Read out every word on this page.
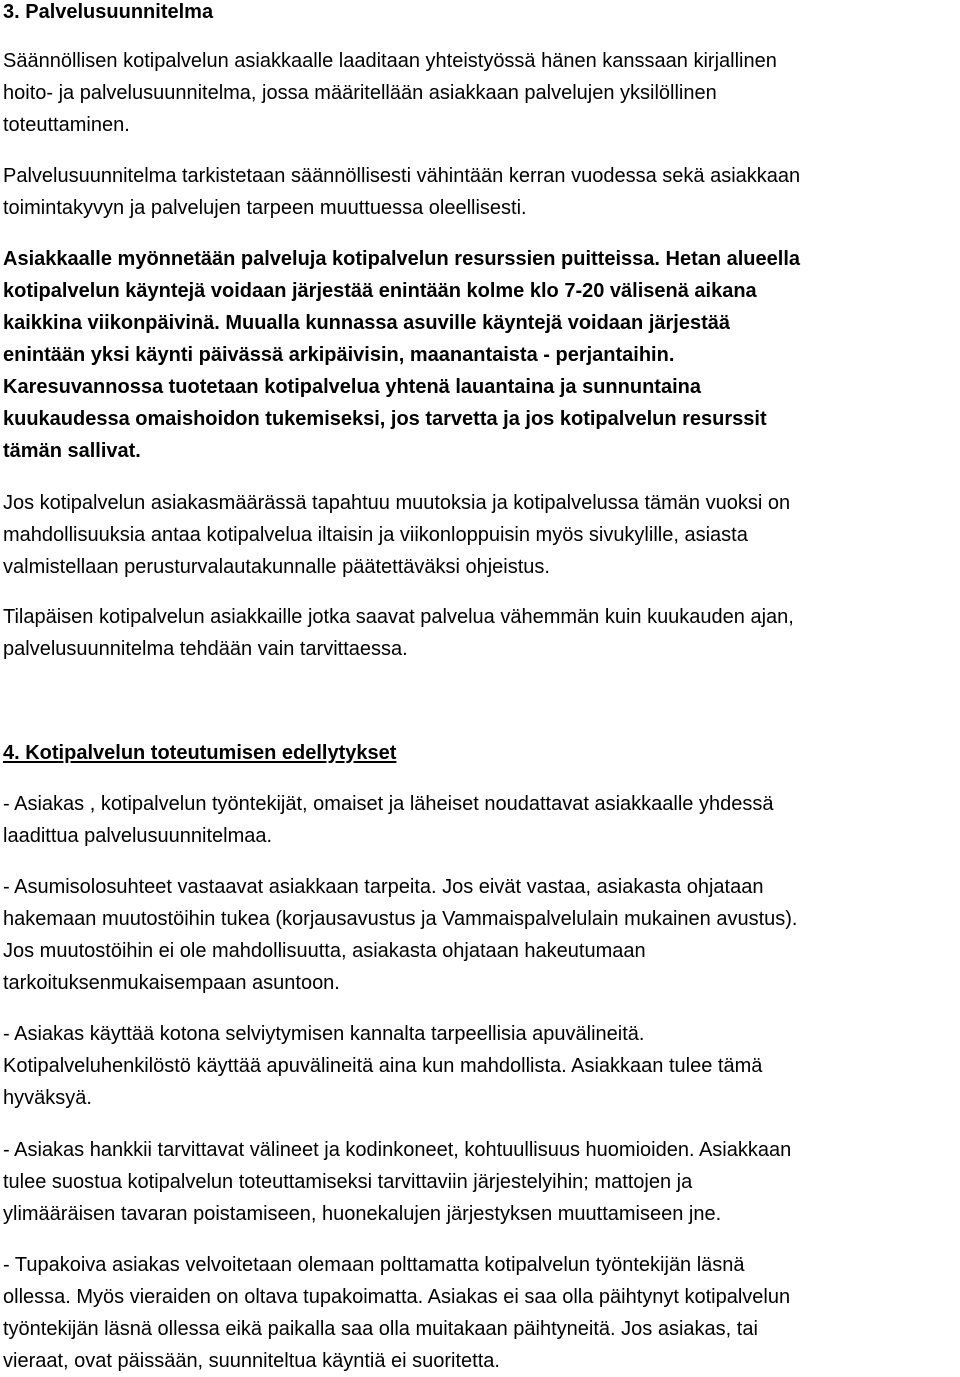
3. Palvelusuunnitelma
Säännöllisen kotipalvelun asiakkaalle laaditaan yhteistyössä hänen kanssaan kirjallinen
hoito- ja palvelusuunnitelma, jossa määritellään asiakkaan palvelujen yksilöllinen
toteuttaminen.
Palvelusuunnitelma tarkistetaan säännöllisesti vähintään kerran vuodessa sekä asiakkaan
toimintakyvyn ja palvelujen tarpeen muuttuessa oleellisesti.
Asiakkaalle myönnetään palveluja kotipalvelun resurssien puitteissa. Hetan alueella
kotipalvelun käyntejä voidaan järjestää enintään kolme klo 7-20 välisenä aikana
kaikkina viikonpäivinä. Muualla kunnassa asuville käyntejä voidaan järjestää
enintään yksi käynti päivässä arkipäivisin, maanantaista - perjantaihin.
Karesuvannossa tuotetaan kotipalvelua yhtenä lauantaina ja sunnuntaina
kuukaudessa omaishoidon tukemiseksi, jos tarvetta ja jos kotipalvelun resurssit
tämän sallivat.
Jos kotipalvelun asiakasmäärässä tapahtuu muutoksia ja kotipalvelussa tämän vuoksi on
mahdollisuuksia antaa kotipalvelua iltaisin ja viikonloppuisin myös sivukylille, asiasta
valmistellaan perusturvalautakunnalle päätettäväksi ohjeistus.
Tilapäisen kotipalvelun asiakkaille jotka saavat palvelua vähemmän kuin kuukauden ajan,
palvelusuunnitelma tehdään vain tarvittaessa.
4. Kotipalvelun toteutumisen edellytykset
- Asiakas , kotipalvelun työntekijät, omaiset ja läheiset noudattavat asiakkaalle yhdessä
laadittua palvelusuunnitelmaa.
- Asumisolosuhteet vastaavat asiakkaan tarpeita. Jos eivät vastaa, asiakasta ohjataan
hakemaan muutostöihin tukea (korjausavustus ja Vammaispalvelulain mukainen avustus).
Jos muutostöihin ei ole mahdollisuutta, asiakasta ohjataan hakeutumaan
tarkoituksenmukaisempaan asuntoon.
- Asiakas käyttää kotona selviytymisen kannalta tarpeellisia apuvälineitä.
Kotipalveluhenkilöstö käyttää apuvälineitä aina kun mahdollista. Asiakkaan tulee tämä
hyväksyä.
- Asiakas hankkii tarvittavat välineet ja kodinkoneet, kohtuullisuus huomioiden. Asiakkaan
tulee suostua kotipalvelun toteuttamiseksi tarvittaviin järjestelyihin; mattojen ja
ylimääräisen tavaran poistamiseen, huonekalujen järjestyksen muuttamiseen jne.
- Tupakoiva asiakas velvoitetaan olemaan polttamatta kotipalvelun työntekijän läsnä
ollessa. Myös vieraiden on oltava tupakoimatta. Asiakas ei saa olla päihtynyt kotipalvelun
työntekijän läsnä ollessa eikä paikalla saa olla muitakaan päihtyneitä. Jos asiakas, tai
vieraat, ovat päissään, suunniteltua käyntiä ei suoritetta.
